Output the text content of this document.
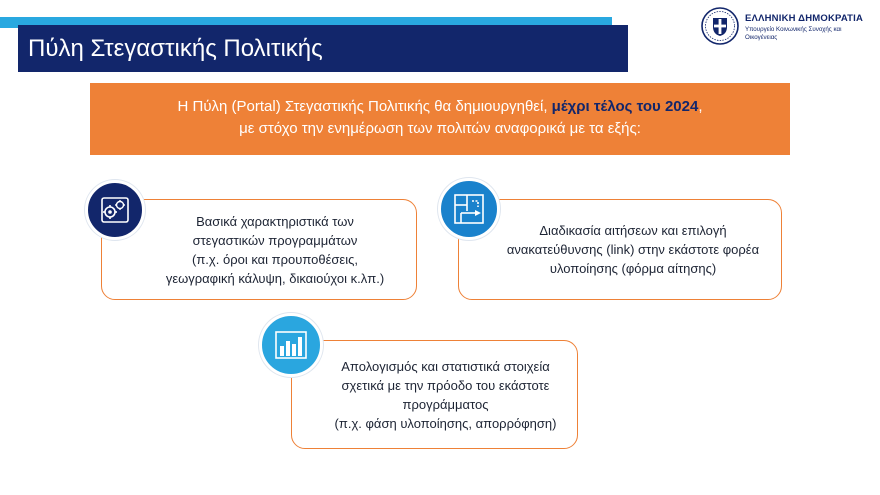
Πύλη Στεγαστικής Πολιτικής
ΕΛΛΗΝΙΚΗ ΔΗΜΟΚΡΑΤΙΑ
Υπουργείο Κοινωνικής Συνοχής και Οικογένειας
Η Πύλη (Portal) Στεγαστικής Πολιτικής θα δημιουργηθεί, μέχρι τέλος του 2024,
με στόχο την ενημέρωση των πολιτών αναφορικά με τα εξής:
Βασικά χαρακτηριστικά των
στεγαστικών προγραμμάτων
(π.χ. όροι και προυποθέσεις,
γεωγραφική κάλυψη, δικαιούχοι κ.λπ.)
Διαδικασία αιτήσεων και επιλογή
ανακατεύθυνσης (link) στην εκάστοτε φορέα
υλοποίησης (φόρμα αίτησης)
Απολογισμός και στατιστικά στοιχεία
σχετικά με την πρόοδο του εκάστοτε
προγράμματος
(π.χ. φάση υλοποίησης, απορρόφηση)
